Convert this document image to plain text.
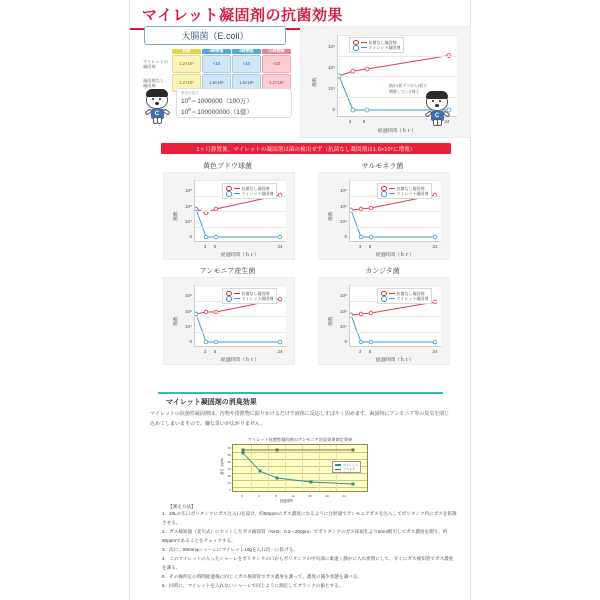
マイレット凝固剤の抗菌効果
大腸菌（E.coli）
	初期	3時間後	6時間後	24時間後
マイレットの 凝固剤	1.2×10⁶	<10	<10	<10
凝固剤なし 凝固剤	1.2×10⁶	1.6×10⁸	1.6×10⁸	1.2×10⁸
単位の見方
$10^6=1000000(100$万）
$10^8=100000000(1$億）
C
10⁸
10⁶
10⁴
0
3	6	24
経過時間（ｈｒ）
菌数
抗菌なし凝固剤
マイレット凝固剤
菌が1桁ズツから1桁に
増殖している様子
C
1ヶ月静置後、マイレットの凝固剤は菌の検出せず（抗菌なし凝固剤は1.6×10⁸に増殖）
黄色ブドウ球菌
10⁸
10⁶
10⁴
0
3	6	24
経過時間（ｈｒ）
菌数
抗菌なし凝固剤
マイレット凝固剤
サルモネラ菌
10⁸
10⁶
10⁴
0
3	6	24
経過時間（ｈｒ）
菌数
抗菌なし凝固剤
マイレット凝固剤
アンモニア産生菌
10⁸
10⁶
10⁴
0
3	6	24
経過時間（ｈｒ）
菌数
抗菌なし凝固剤
マイレット凝固剤
カンジタ菌
10⁸
10⁶
10⁴
0
3	6	24
経過時間（ｈｒ）
菌数
抗菌なし凝固剤
マイレット凝固剤
マイレット凝固剤の消臭効果
マイレットの抗菌性凝固剤は、汚物や排泄物に振りかけるだけで液体に反応しすばやく固めます。凝固時にアンモニア等の臭気を閉じ込めてしまいますので、嫌な臭いが広がりません。
マイレット抗菌性凝固剤のアンモニア消臭効果測定効果
マイレット
ブランク
60
50
40
30
20
10
0
0	4	8	12	16	20	24
経過時間
濃度（ppm）
【測定方法】
1．20Lの広口ポリタンクにガス注入口を設け、約50ppmのガス濃度になるように注射器でアンモニアガスを注入してポリタンク内にガスを拡散させる。
2．ガス検知器（北川式）にセットしたガス検知管（NH3、0.2〜20ppm）でポリタンクのガス採取孔より50ml吸引してガス濃度を測り、約50ppmであることをチェックする。
3．次に、90mmφシャーレにマイレット10gを入れ均一に拡げる。
4．このマイレットの入ったシャーレをポリタンクの口からポリタンクの中央部に素速く静かに入れ密閉にして、すぐにガス検知管でガス濃度を測る。
5．その後所定の時間経過後に同じくガス検知管でガス濃度を測って、濃度の減少状態を調べる。
6．同時に、マイレットを入れないシャーレで同じように測定してブランクの値とする。
